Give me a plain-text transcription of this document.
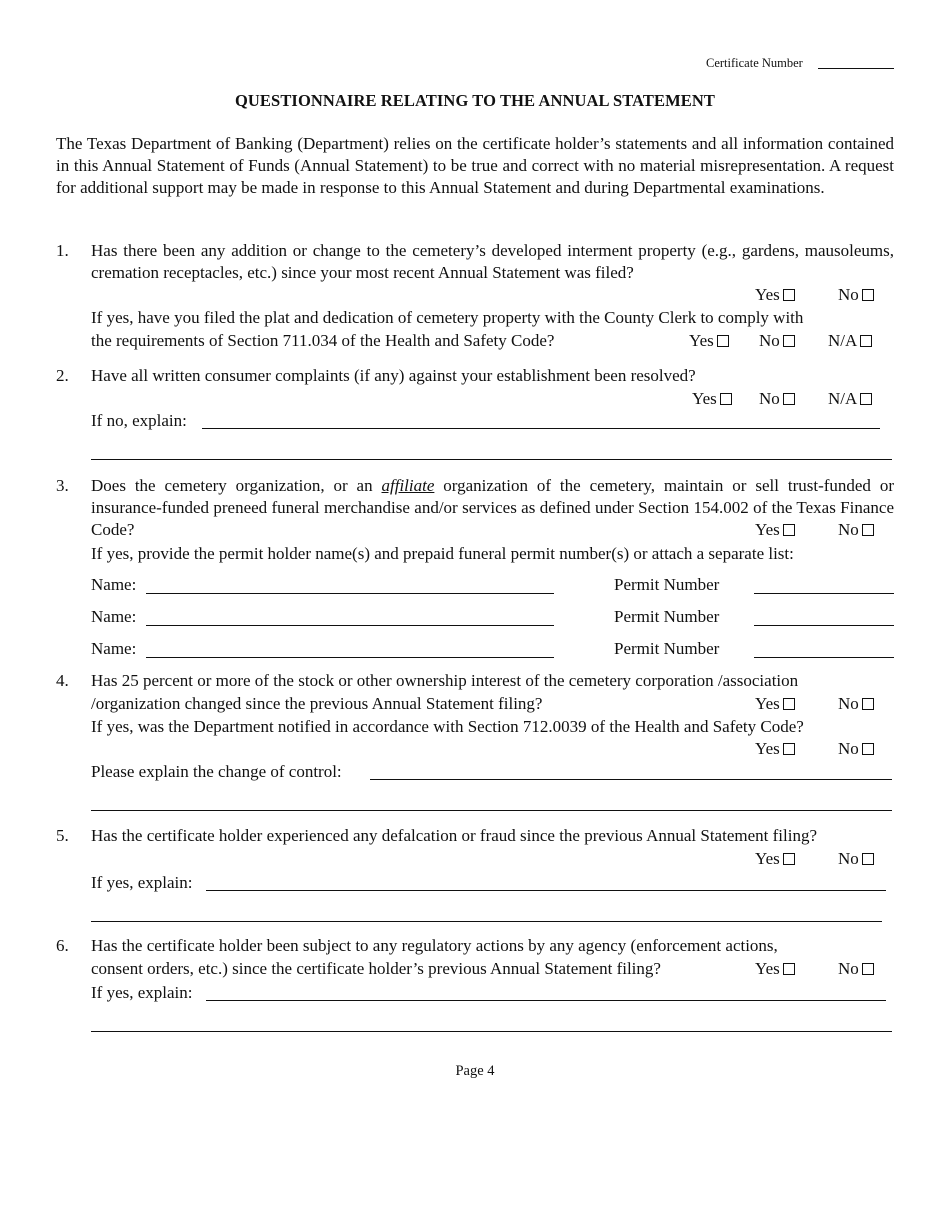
Certificate Number
QUESTIONNAIRE RELATING TO THE ANNUAL STATEMENT
The Texas Department of Banking (Department) relies on the certificate holder’s statements and all information contained in this Annual Statement of Funds (Annual Statement) to be true and correct with no material misrepresentation. A request for additional support may be made in response to this Annual Statement and during Departmental examinations.
1. Has there been any addition or change to the cemetery’s developed interment property (e.g., gardens, mausoleums, cremation receptacles, etc.) since your most recent Annual Statement was filed?
Yes	No
If yes, have you filed the plat and dedication of cemetery property with the County Clerk to comply with
the requirements of Section 711.034 of the Health and Safety Code?	Yes	No	N/A
2. Have all written consumer complaints (if any) against your establishment been resolved?
Yes	No	N/A
If no, explain:
3. Does the cemetery organization, or an affiliate organization of the cemetery, maintain or sell trust-funded or insurance-funded preneed funeral merchandise and/or services as defined under Section 154.002 of the Texas Finance Code?	Yes	No
If yes, provide the permit holder name(s) and prepaid funeral permit number(s) or attach a separate list:
Name:	Permit Number
Name:	Permit Number
Name:	Permit Number
4. Has 25 percent or more of the stock or other ownership interest of the cemetery corporation /association
/organization changed since the previous Annual Statement filing?	Yes	No
If yes, was the Department notified in accordance with Section 712.0039 of the Health and Safety Code?
Yes	No
Please explain the change of control:
5. Has the certificate holder experienced any defalcation or fraud since the previous Annual Statement filing?
Yes	No
If yes, explain:
6. Has the certificate holder been subject to any regulatory actions by any agency (enforcement actions,
consent orders, etc.) since the certificate holder’s previous Annual Statement filing?	Yes	No
If yes, explain:
Page 4
